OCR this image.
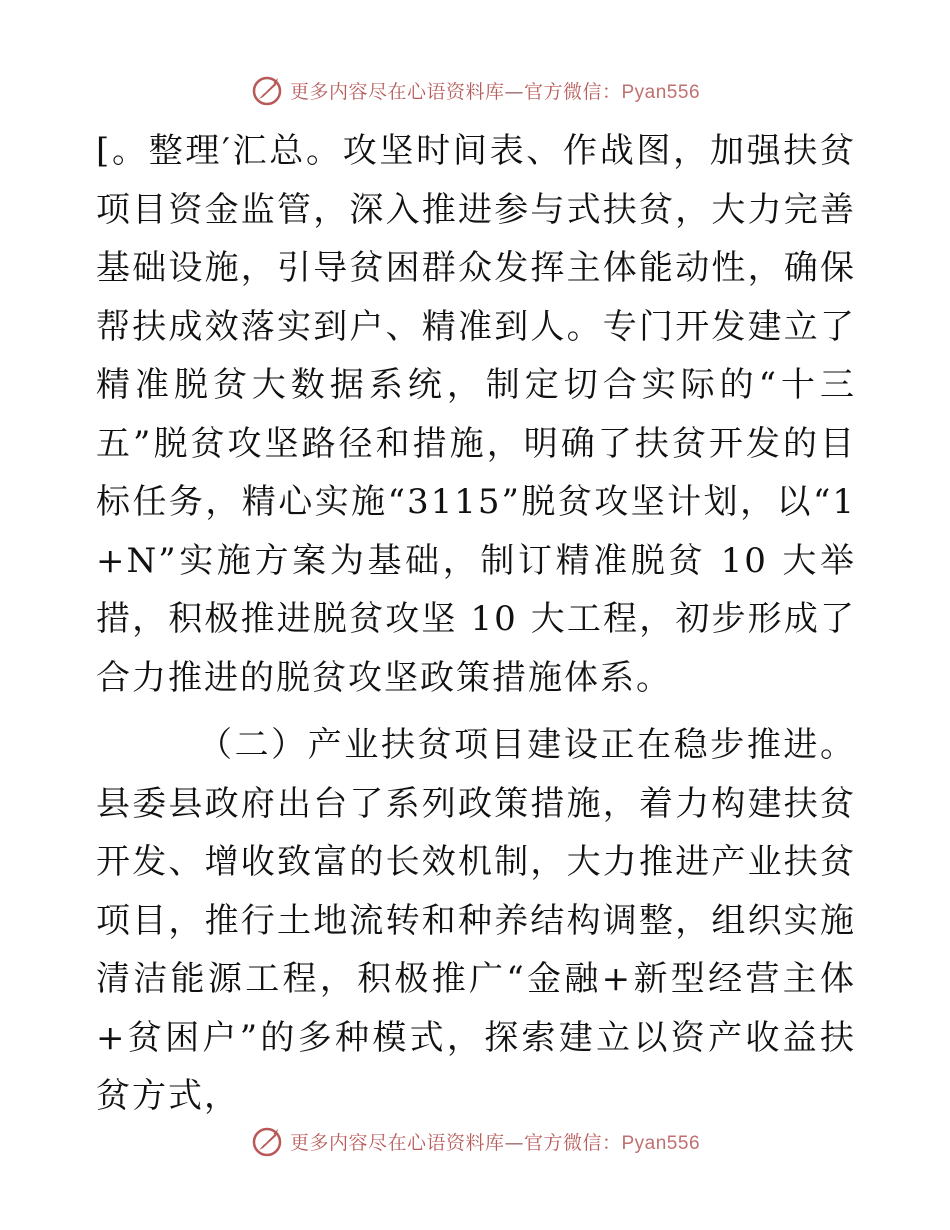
更多内容尽在心语资料库—官方微信：Pyan556

[。整理′汇总。攻坚时间表、作战图，加强扶贫项目资金监管，深入推进参与式扶贫，大力完善基础设施，引导贫困群众发挥主体能动性，确保帮扶成效落实到户、精准到人。专门开发建立了精准脱贫大数据系统，制定切合实际的“十三五”脱贫攻坚路径和措施，明确了扶贫开发的目标任务，精心实施“3115”脱贫攻坚计划，以“1+N”实施方案为基础，制订精准脱贫 10 大举措，积极推进脱贫攻坚 10 大工程，初步形成了合力推进的脱贫攻坚政策措施体系。

（二）产业扶贫项目建设正在稳步推进。县委县政府出台了系列政策措施，着力构建扶贫开发、增收致富的长效机制，大力推进产业扶贫项目，推行土地流转和种养结构调整，组织实施清洁能源工程，积极推广“金融+新型经营主体+贫困户”的多种模式，探索建立以资产收益扶贫方式，

更多内容尽在心语资料库—官方微信：Pyan556
